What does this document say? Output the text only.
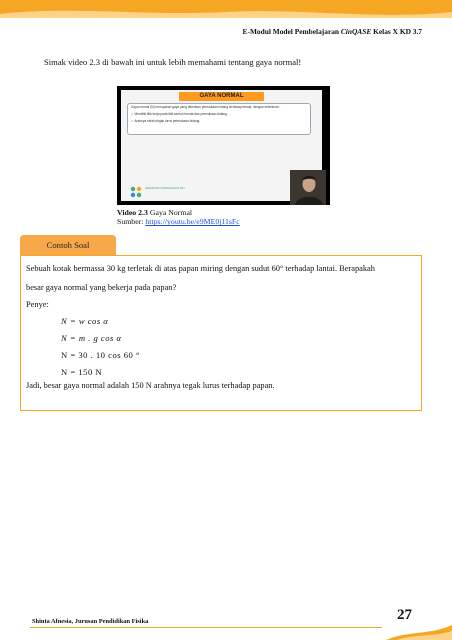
E-Modul Model Pembelajaran CinQASE Kelas X KD 3.7
Simak video 2.3 di bawah ini untuk lebih memahami tentang gaya normal!
GAYA NORMAL

Gaya normal (N) merupakan gaya yang diberikan permukaan bidang terhadap benda, dengan ketentuan :

✓ Memiliki titik kerja pada titik sentuh benda dan permukaan bidang.

✓ Arahnya selalu tegak lurus permukaan bidang.

GERAKAN INTEGRASI ILMU
Video 2.3 Gaya Normal
Sumber: https://youtu.be/e9ME0j11sFc
Contoh Soal
Sebuah kotak bermassa 30 kg terletak di atas papan miring dengan sudut 60° terhadap lantai. Berapakah
besar gaya normal yang bekerja pada papan?
Penye:
N = w cos α
N = m . g cos α
N = 30 . 10 cos 60 °
N = 150 N
Jadi, besar gaya normal adalah 150 N arahnya tegak lurus terhadap papan.
Shinta Afnesia, Jurusan Pendidikan Fisika	27
